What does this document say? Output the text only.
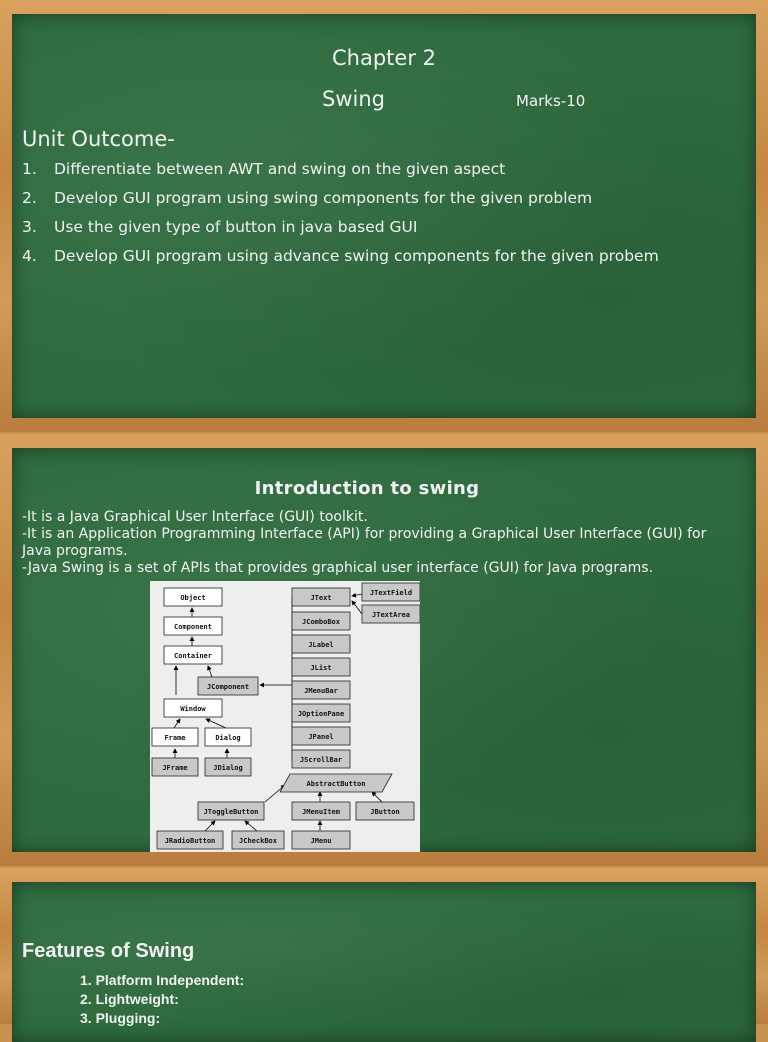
Chapter 2
Swing	Marks-10
Unit Outcome-
1.	Differentiate between AWT and swing on the given aspect
2.	Develop GUI program using swing components for the given problem
3.	Use the given type of button in java based GUI
4.	Develop GUI program using advance swing components for the given probem
Introduction to swing
-It is a Java Graphical User Interface (GUI) toolkit.
-It is an Application Programming Interface (API) for providing a Graphical User Interface (GUI) for Java programs.
-Java Swing is a set of APIs that provides graphical user interface (GUI) for Java programs.
Object
Component
Container
JComponent
Window
Frame	Dialog
JFrame	JDialog
JText
JTextField
JTextArea
JComboBox
JLabel
JList
JMenuBar
JOptionPane
JPanel
JScrollBar
AbstractButton
JToggleButton	JMenuItem	JButton
JRadioButton	JCheckBox	JMenu
Features of Swing
1. Platform Independent:
2. Lightweight:
3. Plugging:
